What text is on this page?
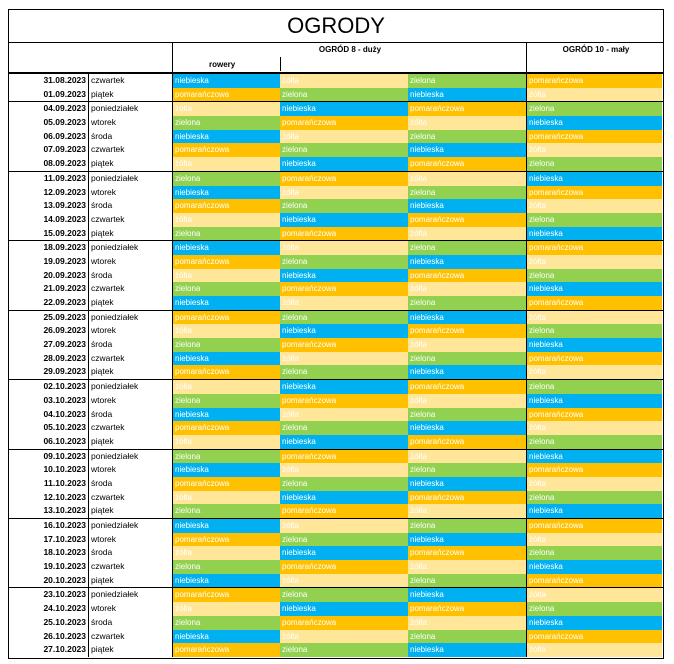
OGRODY
OGRÓD 8 - duży	OGRÓD 10 - mały
rowery
31.08.2023 czwartek	niebieska	żółta	zielona	pomarańczowa
01.09.2023 piątek	pomarańczowa	zielona	niebieska	żółta
04.09.2023 poniedziałek	żółta	niebieska	pomarańczowa	zielona
05.09.2023 wtorek	zielona	pomarańczowa	żółta	niebieska
06.09.2023 środa	niebieska	żółta	zielona	pomarańczowa
07.09.2023 czwartek	pomarańczowa	zielona	niebieska	żółta
08.09.2023 piątek	żółta	niebieska	pomarańczowa	zielona
11.09.2023 poniedziałek	zielona	pomarańczowa	żółta	niebieska
12.09.2023 wtorek	niebieska	żółta	zielona	pomarańczowa
13.09.2023 środa	pomarańczowa	zielona	niebieska	żółta
14.09.2023 czwartek	żółta	niebieska	pomarańczowa	zielona
15.09.2023 piątek	zielona	pomarańczowa	żółta	niebieska
18.09.2023 poniedziałek	niebieska	żółta	zielona	pomarańczowa
19.09.2023 wtorek	pomarańczowa	zielona	niebieska	żółta
20.09.2023 środa	żółta	niebieska	pomarańczowa	zielona
21.09.2023 czwartek	zielona	pomarańczowa	żółta	niebieska
22.09.2023 piątek	niebieska	żółta	zielona	pomarańczowa
25.09.2023 poniedziałek	pomarańczowa	zielona	niebieska	żółta
26.09.2023 wtorek	żółta	niebieska	pomarańczowa	zielona
27.09.2023 środa	zielona	pomarańczowa	żółta	niebieska
28.09.2023 czwartek	niebieska	żółta	zielona	pomarańczowa
29.09.2023 piątek	pomarańczowa	zielona	niebieska	żółta
02.10.2023 poniedziałek	żółta	niebieska	pomarańczowa	zielona
03.10.2023 wtorek	zielona	pomarańczowa	żółta	niebieska
04.10.2023 środa	niebieska	żółta	zielona	pomarańczowa
05.10.2023 czwartek	pomarańczowa	zielona	niebieska	żółta
06.10.2023 piątek	żółta	niebieska	pomarańczowa	zielona
09.10.2023 poniedziałek	zielona	pomarańczowa	żółta	niebieska
10.10.2023 wtorek	niebieska	żółta	zielona	pomarańczowa
11.10.2023 środa	pomarańczowa	zielona	niebieska	żółta
12.10.2023 czwartek	żółta	niebieska	pomarańczowa	zielona
13.10.2023 piątek	zielona	pomarańczowa	żółta	niebieska
16.10.2023 poniedziałek	niebieska	żółta	zielona	pomarańczowa
17.10.2023 wtorek	pomarańczowa	zielona	niebieska	żółta
18.10.2023 środa	żółta	niebieska	pomarańczowa	zielona
19.10.2023 czwartek	zielona	pomarańczowa	żółta	niebieska
20.10.2023 piątek	niebieska	żółta	zielona	pomarańczowa
23.10.2023 poniedziałek	pomarańczowa	zielona	niebieska	żółta
24.10.2023 wtorek	żółta	niebieska	pomarańczowa	zielona
25.10.2023 środa	zielona	pomarańczowa	żółta	niebieska
26.10.2023 czwartek	niebieska	żółta	zielona	pomarańczowa
27.10.2023 piątek	pomarańczowa	zielona	niebieska	żółta
